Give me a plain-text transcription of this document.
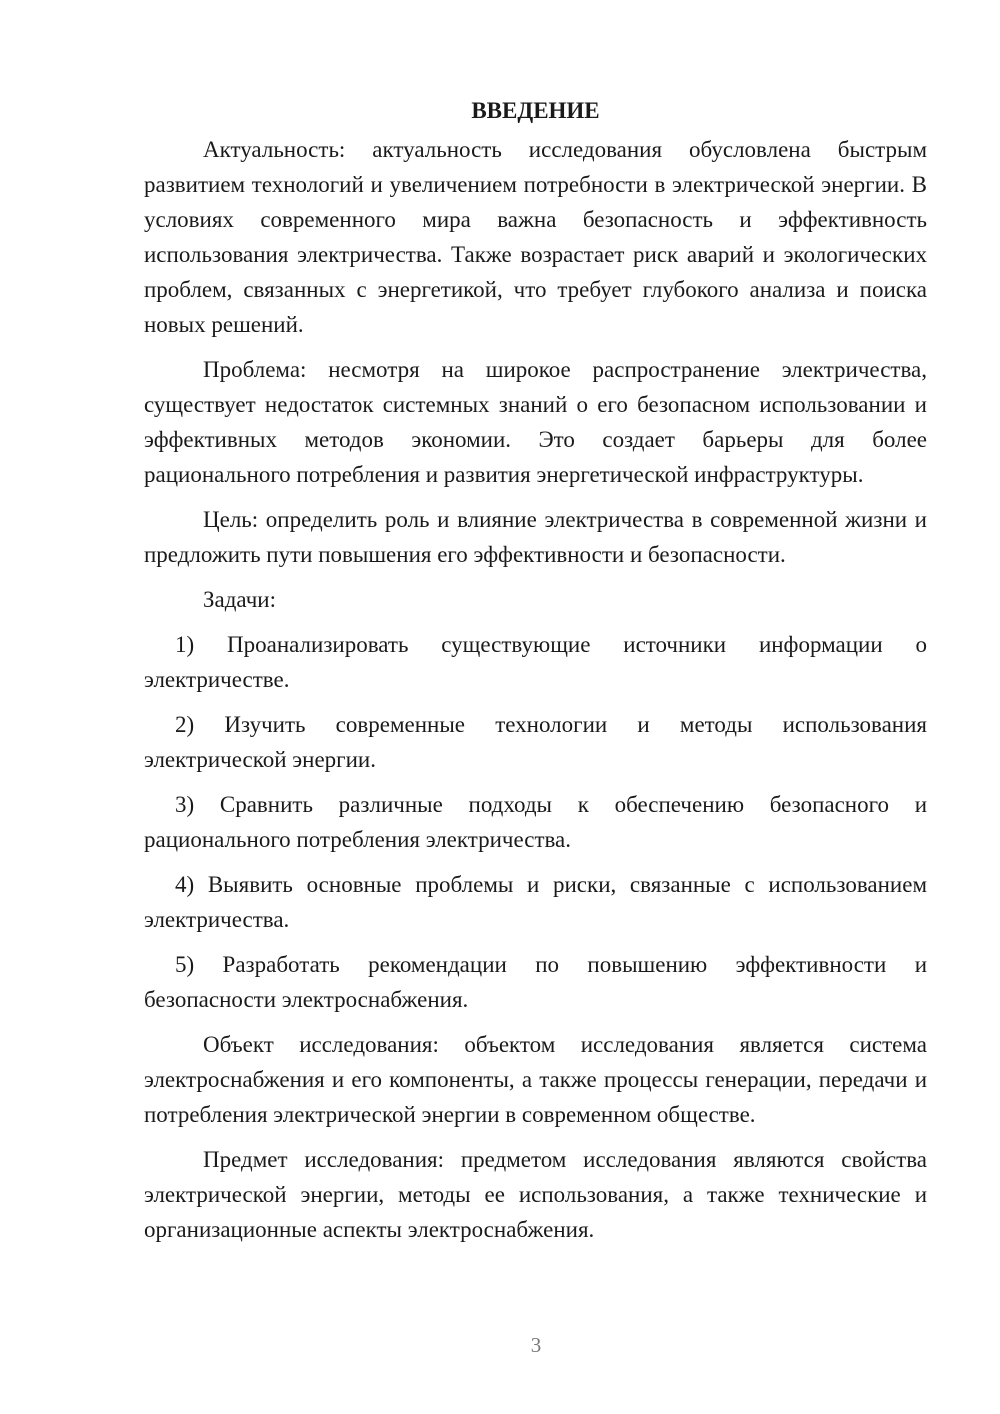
ВВЕДЕНИЕ

Актуальность: актуальность исследования обусловлена быстрым развитием технологий и увеличением потребности в электрической энергии. В условиях современного мира важна безопасность и эффективность использования электричества. Также возрастает риск аварий и экологических проблем, связанных с энергетикой, что требует глубокого анализа и поиска новых решений.

Проблема: несмотря на широкое распространение электричества, существует недостаток системных знаний о его безопасном использовании и эффективных методов экономии. Это создает барьеры для более рационального потребления и развития энергетической инфраструктуры.

Цель: определить роль и влияние электричества в современной жизни и предложить пути повышения его эффективности и безопасности.

Задачи:

1) Проанализировать существующие источники информации о электричестве.

2) Изучить современные технологии и методы использования электрической энергии.

3) Сравнить различные подходы к обеспечению безопасного и рационального потребления электричества.

4) Выявить основные проблемы и риски, связанные с использованием электричества.

5) Разработать рекомендации по повышению эффективности и безопасности электроснабжения.

Объект исследования: объектом исследования является система электроснабжения и его компоненты, а также процессы генерации, передачи и потребления электрической энергии в современном обществе.

Предмет исследования: предметом исследования являются свойства электрической энергии, методы ее использования, а также технические и организационные аспекты электроснабжения.

3
